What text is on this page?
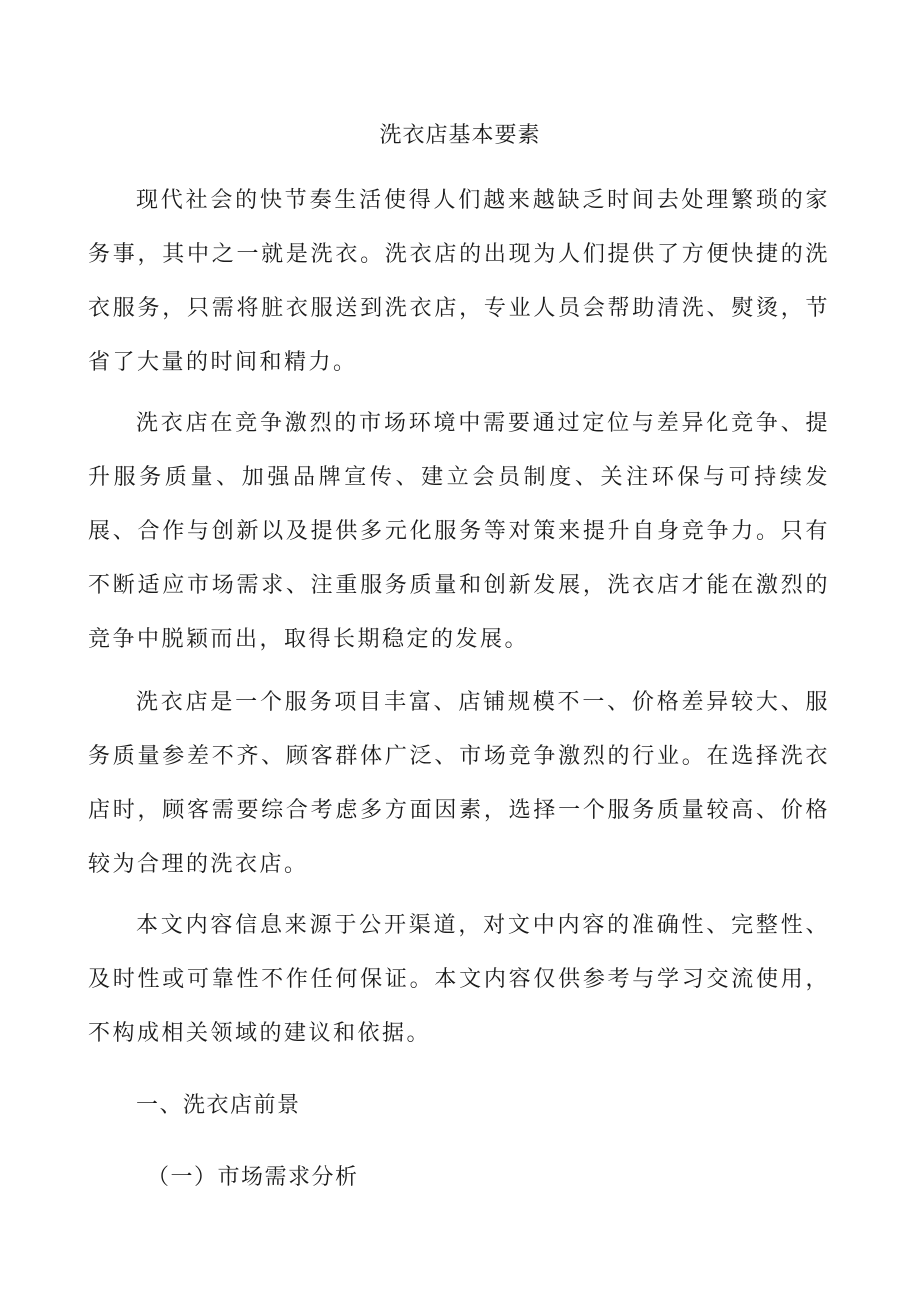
洗衣店基本要素

现代社会的快节奏生活使得人们越来越缺乏时间去处理繁琐的家务事，其中之一就是洗衣。洗衣店的出现为人们提供了方便快捷的洗衣服务，只需将脏衣服送到洗衣店，专业人员会帮助清洗、熨烫，节省了大量的时间和精力。

洗衣店在竞争激烈的市场环境中需要通过定位与差异化竞争、提升服务质量、加强品牌宣传、建立会员制度、关注环保与可持续发展、合作与创新以及提供多元化服务等对策来提升自身竞争力。只有不断适应市场需求、注重服务质量和创新发展，洗衣店才能在激烈的竞争中脱颖而出，取得长期稳定的发展。

洗衣店是一个服务项目丰富、店铺规模不一、价格差异较大、服务质量参差不齐、顾客群体广泛、市场竞争激烈的行业。在选择洗衣店时，顾客需要综合考虑多方面因素，选择一个服务质量较高、价格较为合理的洗衣店。

本文内容信息来源于公开渠道，对文中内容的准确性、完整性、及时性或可靠性不作任何保证。本文内容仅供参考与学习交流使用，不构成相关领域的建议和依据。

一、洗衣店前景
（一）市场需求分析
